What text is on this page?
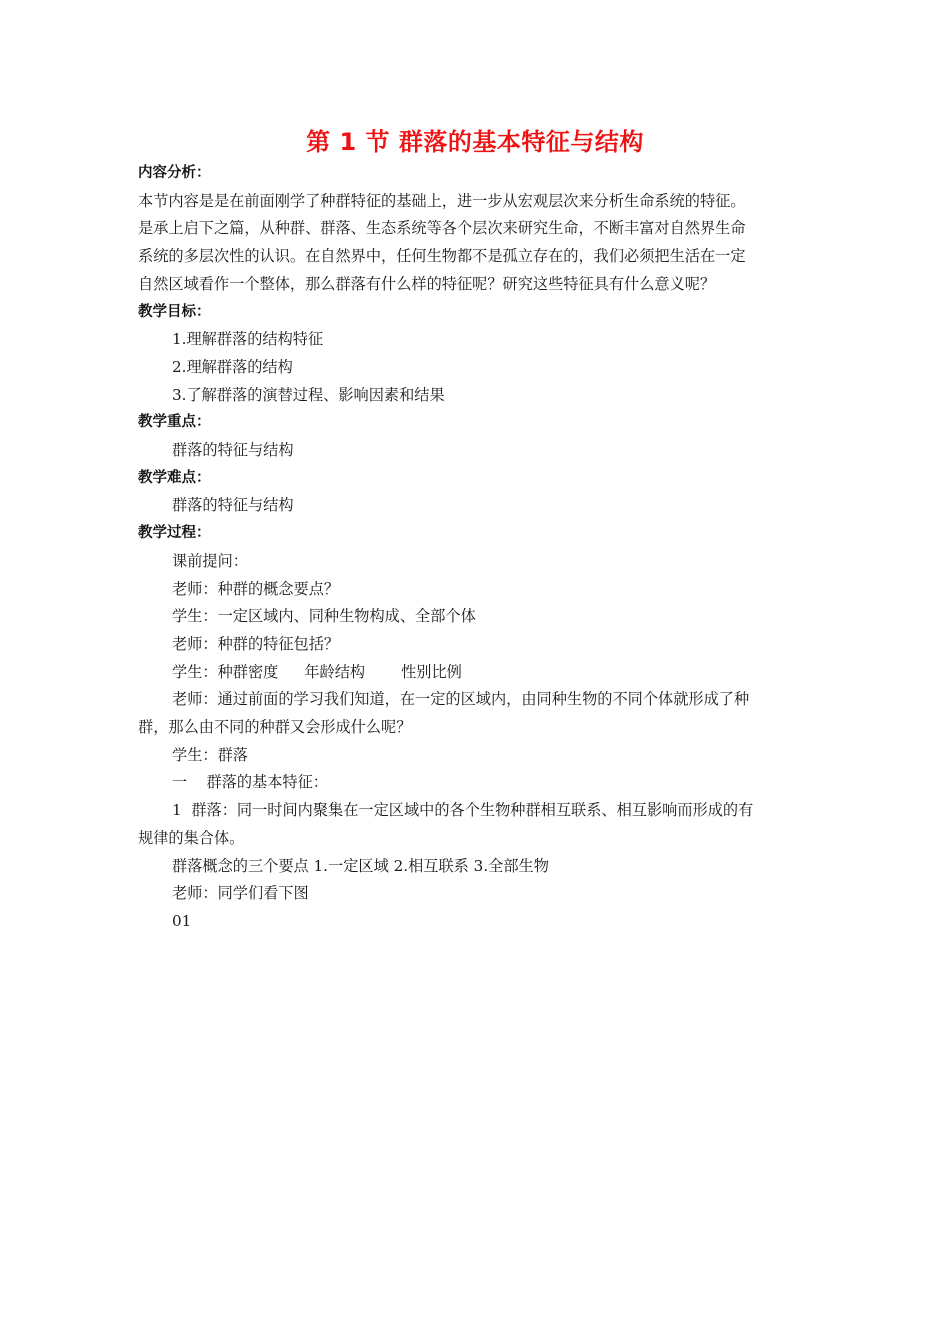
第 1 节 群落的基本特征与结构
内容分析：
本节内容是是在前面刚学了种群特征的基础上，进一步从宏观层次来分析生命系统的特征。
是承上启下之篇，从种群、群落、生态系统等各个层次来研究生命，不断丰富对自然界生命
系统的多层次性的认识。在自然界中，任何生物都不是孤立存在的，我们必须把生活在一定
自然区域看作一个整体，那么群落有什么样的特征呢？研究这些特征具有什么意义呢？
教学目标：
1.理解群落的结构特征
2.理解群落的结构
3.了解群落的演替过程、影响因素和结果
教学重点：
群落的特征与结构
教学难点：
群落的特征与结构
教学过程：
课前提问：
老师：种群的概念要点？
学生：一定区域内、同种生物构成、全部个体
老师：种群的特征包括？
学生：种群密度 年龄结构 性别比例
老师：通过前面的学习我们知道，在一定的区域内，由同种生物的不同个体就形成了种
群，那么由不同的种群又会形成什么呢？
学生：群落
一    群落的基本特征：
1  群落：同一时间内聚集在一定区域中的各个生物种群相互联系、相互影响而形成的有
规律的集合体。
群落概念的三个要点 1.一定区域 2.相互联系 3.全部生物
老师：同学们看下图
01
